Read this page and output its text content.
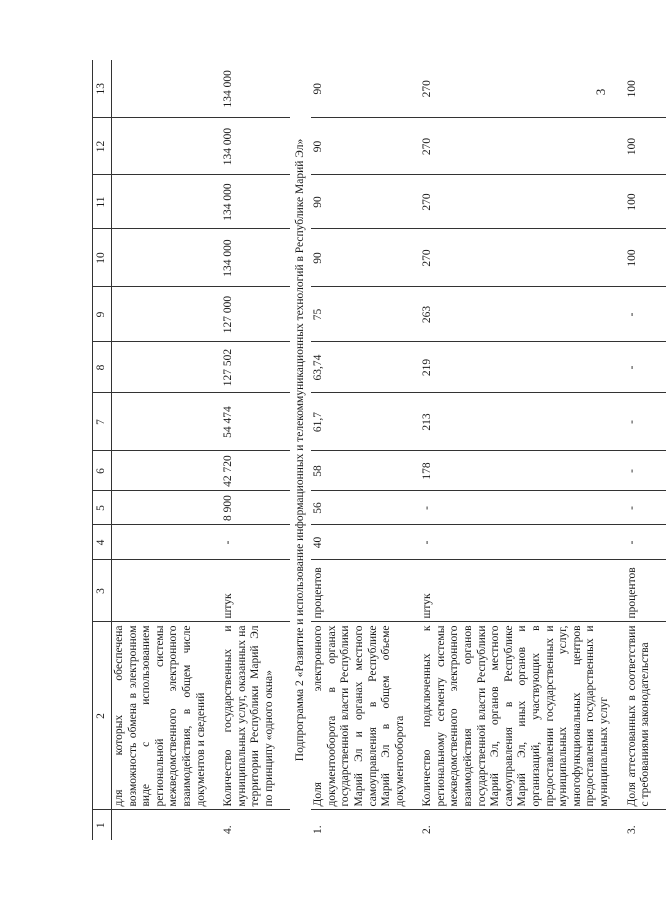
3
1	2	3	4	5	6	7	8	9	10	11	12	13
	для которых обеспечена возможность обмена в электронном виде с использованием региональной системы межведомственного электронного взаимодействия, в общем числе документов и сведений											

4.	Количество государственных и муниципальных услуг, оказанных на территории Республики Марий Эл по принципу «одного окна»	штук	-	8 900	42 720	54 474	127 502	127 000	134 000	134 000	134 000	134 000

Подпрограмма 2 «Развитие и использование информационных и телекоммуникационных технологий в Республике Марий Эл»												
1.	Доля электронного документооборота в органах государственной власти Республики Марий Эл и органах местного самоуправления в Республике Марий Эл в общем объеме документооборота	процентов	40	56	58	61,7	63,74	75	90	90	90	90

2.	Количество подключенных к региональному сегменту системы межведомственного электронного взаимодействия органов государственной власти Республики Марий Эл, органов местного самоуправления в Республике Марий Эл, иных органов и организаций, участвующих в предоставлении государственных и муниципальных услуг, многофункциональных центров предоставления государственных и муниципальных услуг	штук	-	-	178	213	219	263	270	270	270	270

3.	Доля аттестованных в соответствии с требованиями законодательства	процентов	-	-	-	-	-	-	100	100	100	100
